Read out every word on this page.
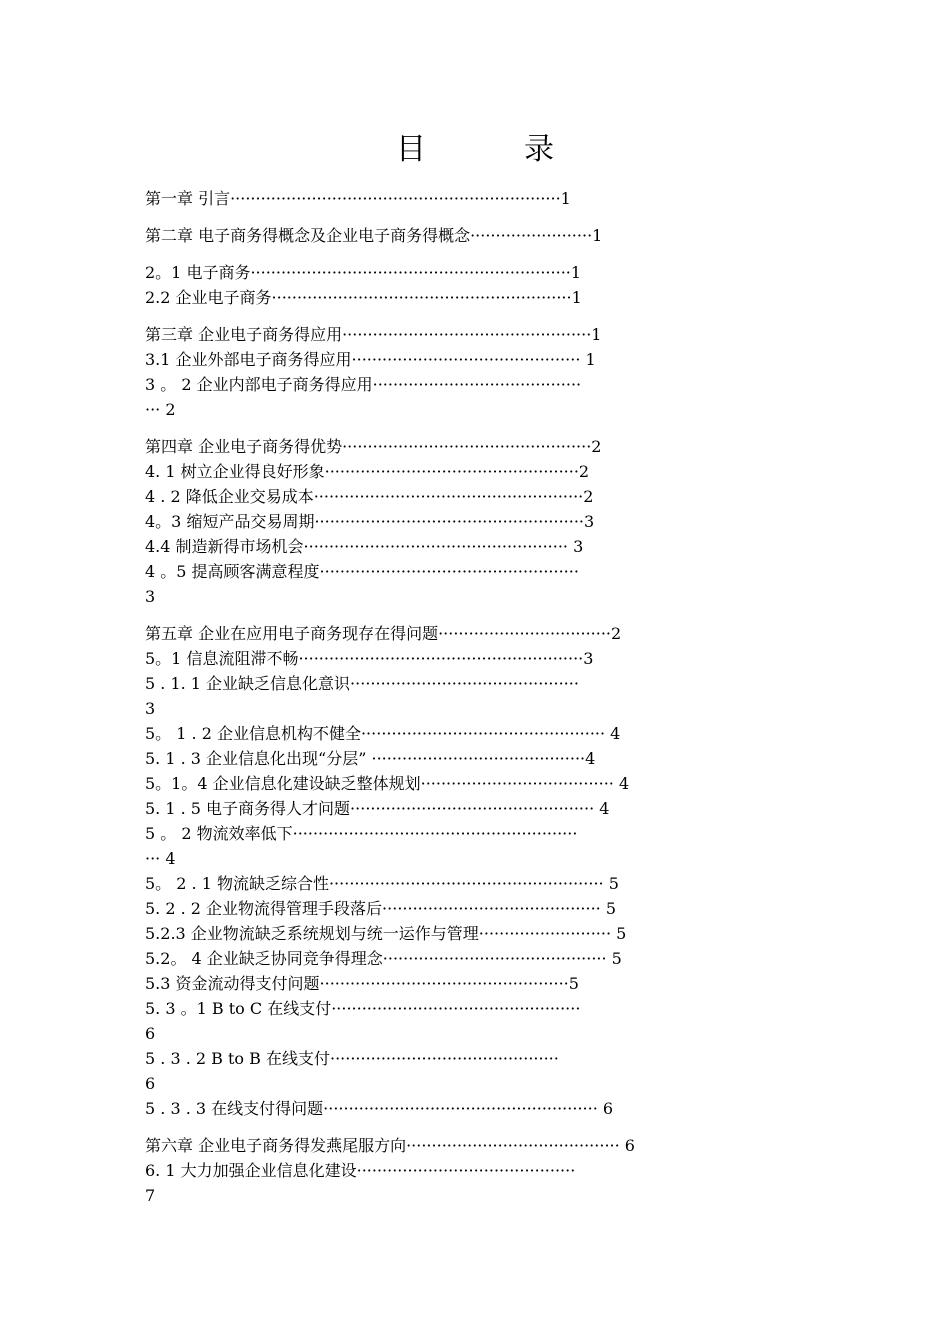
目　录
第一章 引言·································································1
第二章 电子商务得概念及企业电子商务得概念························1
2。1 电子商务·······························································1
2.2 企业电子商务···························································1
第三章 企业电子商务得应用·················································1
3.1 企业外部电子商务得应用············································· 1
3 。 2 企业内部电子商务得应用·········································
··· 2
第四章 企业电子商务得优势·················································2
4. 1 树立企业得良好形象··················································2
4 . 2 降低企业交易成本·····················································2
4。3 缩短产品交易周期·····················································3
4.4 制造新得市场机会···················································· 3
4 。5 提高顾客满意程度···················································
3
第五章 企业在应用电子商务现存在得问题··································2
5。1 信息流阻滞不畅························································3
5 . 1. 1 企业缺乏信息化意识·············································
3
5。 1 . 2 企业信息机构不健全················································ 4
5. 1 . 3 企业信息化出现“分层” ··········································4
5。1。4 企业信息化建设缺乏整体规划······································ 4
5. 1 . 5 电子商务得人才问题················································ 4
5 。 2 物流效率低下························································
··· 4
5。 2 . 1 物流缺乏综合性······················································ 5
5. 2 . 2 企业物流得管理手段落后··········································· 5
5.2.3 企业物流缺乏系统规划与统一运作与管理·························· 5
5.2。 4 企业缺乏协同竞争得理念············································ 5
5.3 资金流动得支付问题·················································5
5. 3 。1 B to C 在线支付·················································
6
5 . 3 . 2 B to B 在线支付·············································
6
5 . 3 . 3 在线支付得问题······················································ 6
第六章 企业电子商务得发燕尾服方向·········································· 6
6. 1 大力加强企业信息化建设···········································
7
